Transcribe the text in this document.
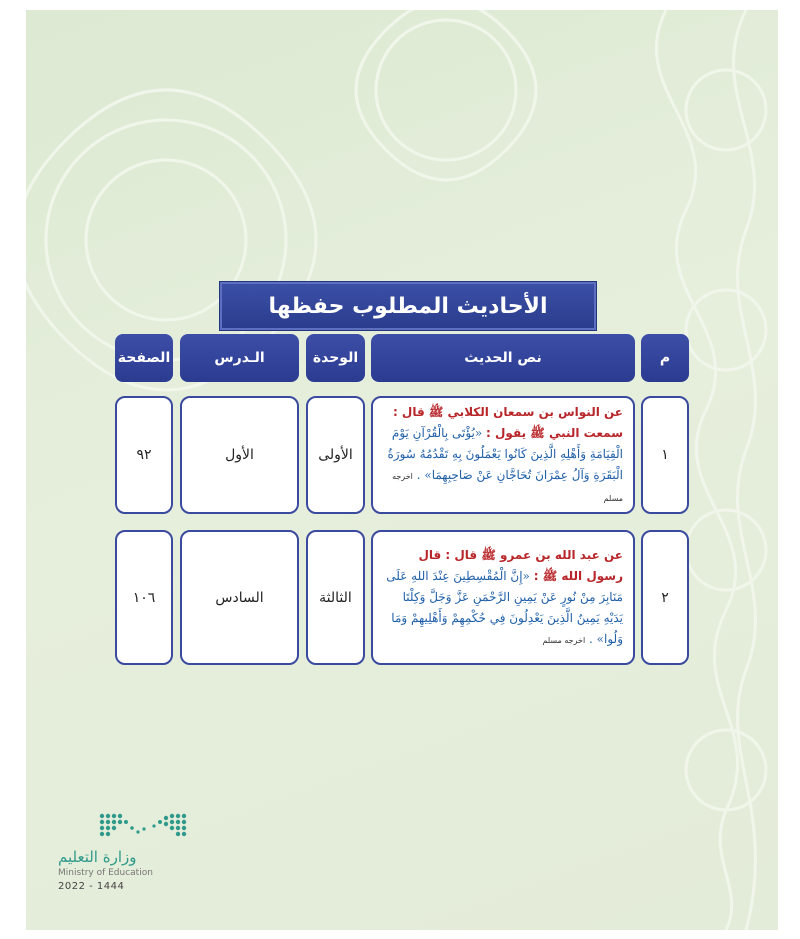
الأحاديث المطلوب حفظها
م
نص الحديث
الوحدة
الـدرس
الصفحة
١
عن النواس بن سمعان الكلابي ﷺ قال : سمعت النبي ﷺ يقول : «يُؤْتَى بِالْقُرْآنِ يَوْمَ الْقِيَامَةِ وَأَهْلِهِ الَّذِينَ كَانُوا يَعْمَلُونَ بِهِ تَقْدُمُهُ سُورَةُ الْبَقَرَةِ وَآلُ عِمْرَانَ تُحَاجَّانِ عَنْ صَاحِبِهِمَا» . اخرجه مسلم
الأولى
الأول
٩٢
٢
عن عبد الله بن عمرو ﷺ قال : قال رسول الله ﷺ : «إِنَّ الْمُقْسِطِينَ عِنْدَ اللهِ عَلَى مَنَابِرَ مِنْ نُورٍ عَنْ يَمِينِ الرَّحْمَنِ عَزَّ وَجَلَّ وَكِلْتَا يَدَيْهِ يَمِينٌ الَّذِينَ يَعْدِلُونَ فِي حُكْمِهِمْ وَأَهْلِيهِمْ وَمَا وَلُوا» . اخرجه مسلم
الثالثة
السادس
١٠٦
وزارة التعليم
Ministry of Education
2022 - 1444
